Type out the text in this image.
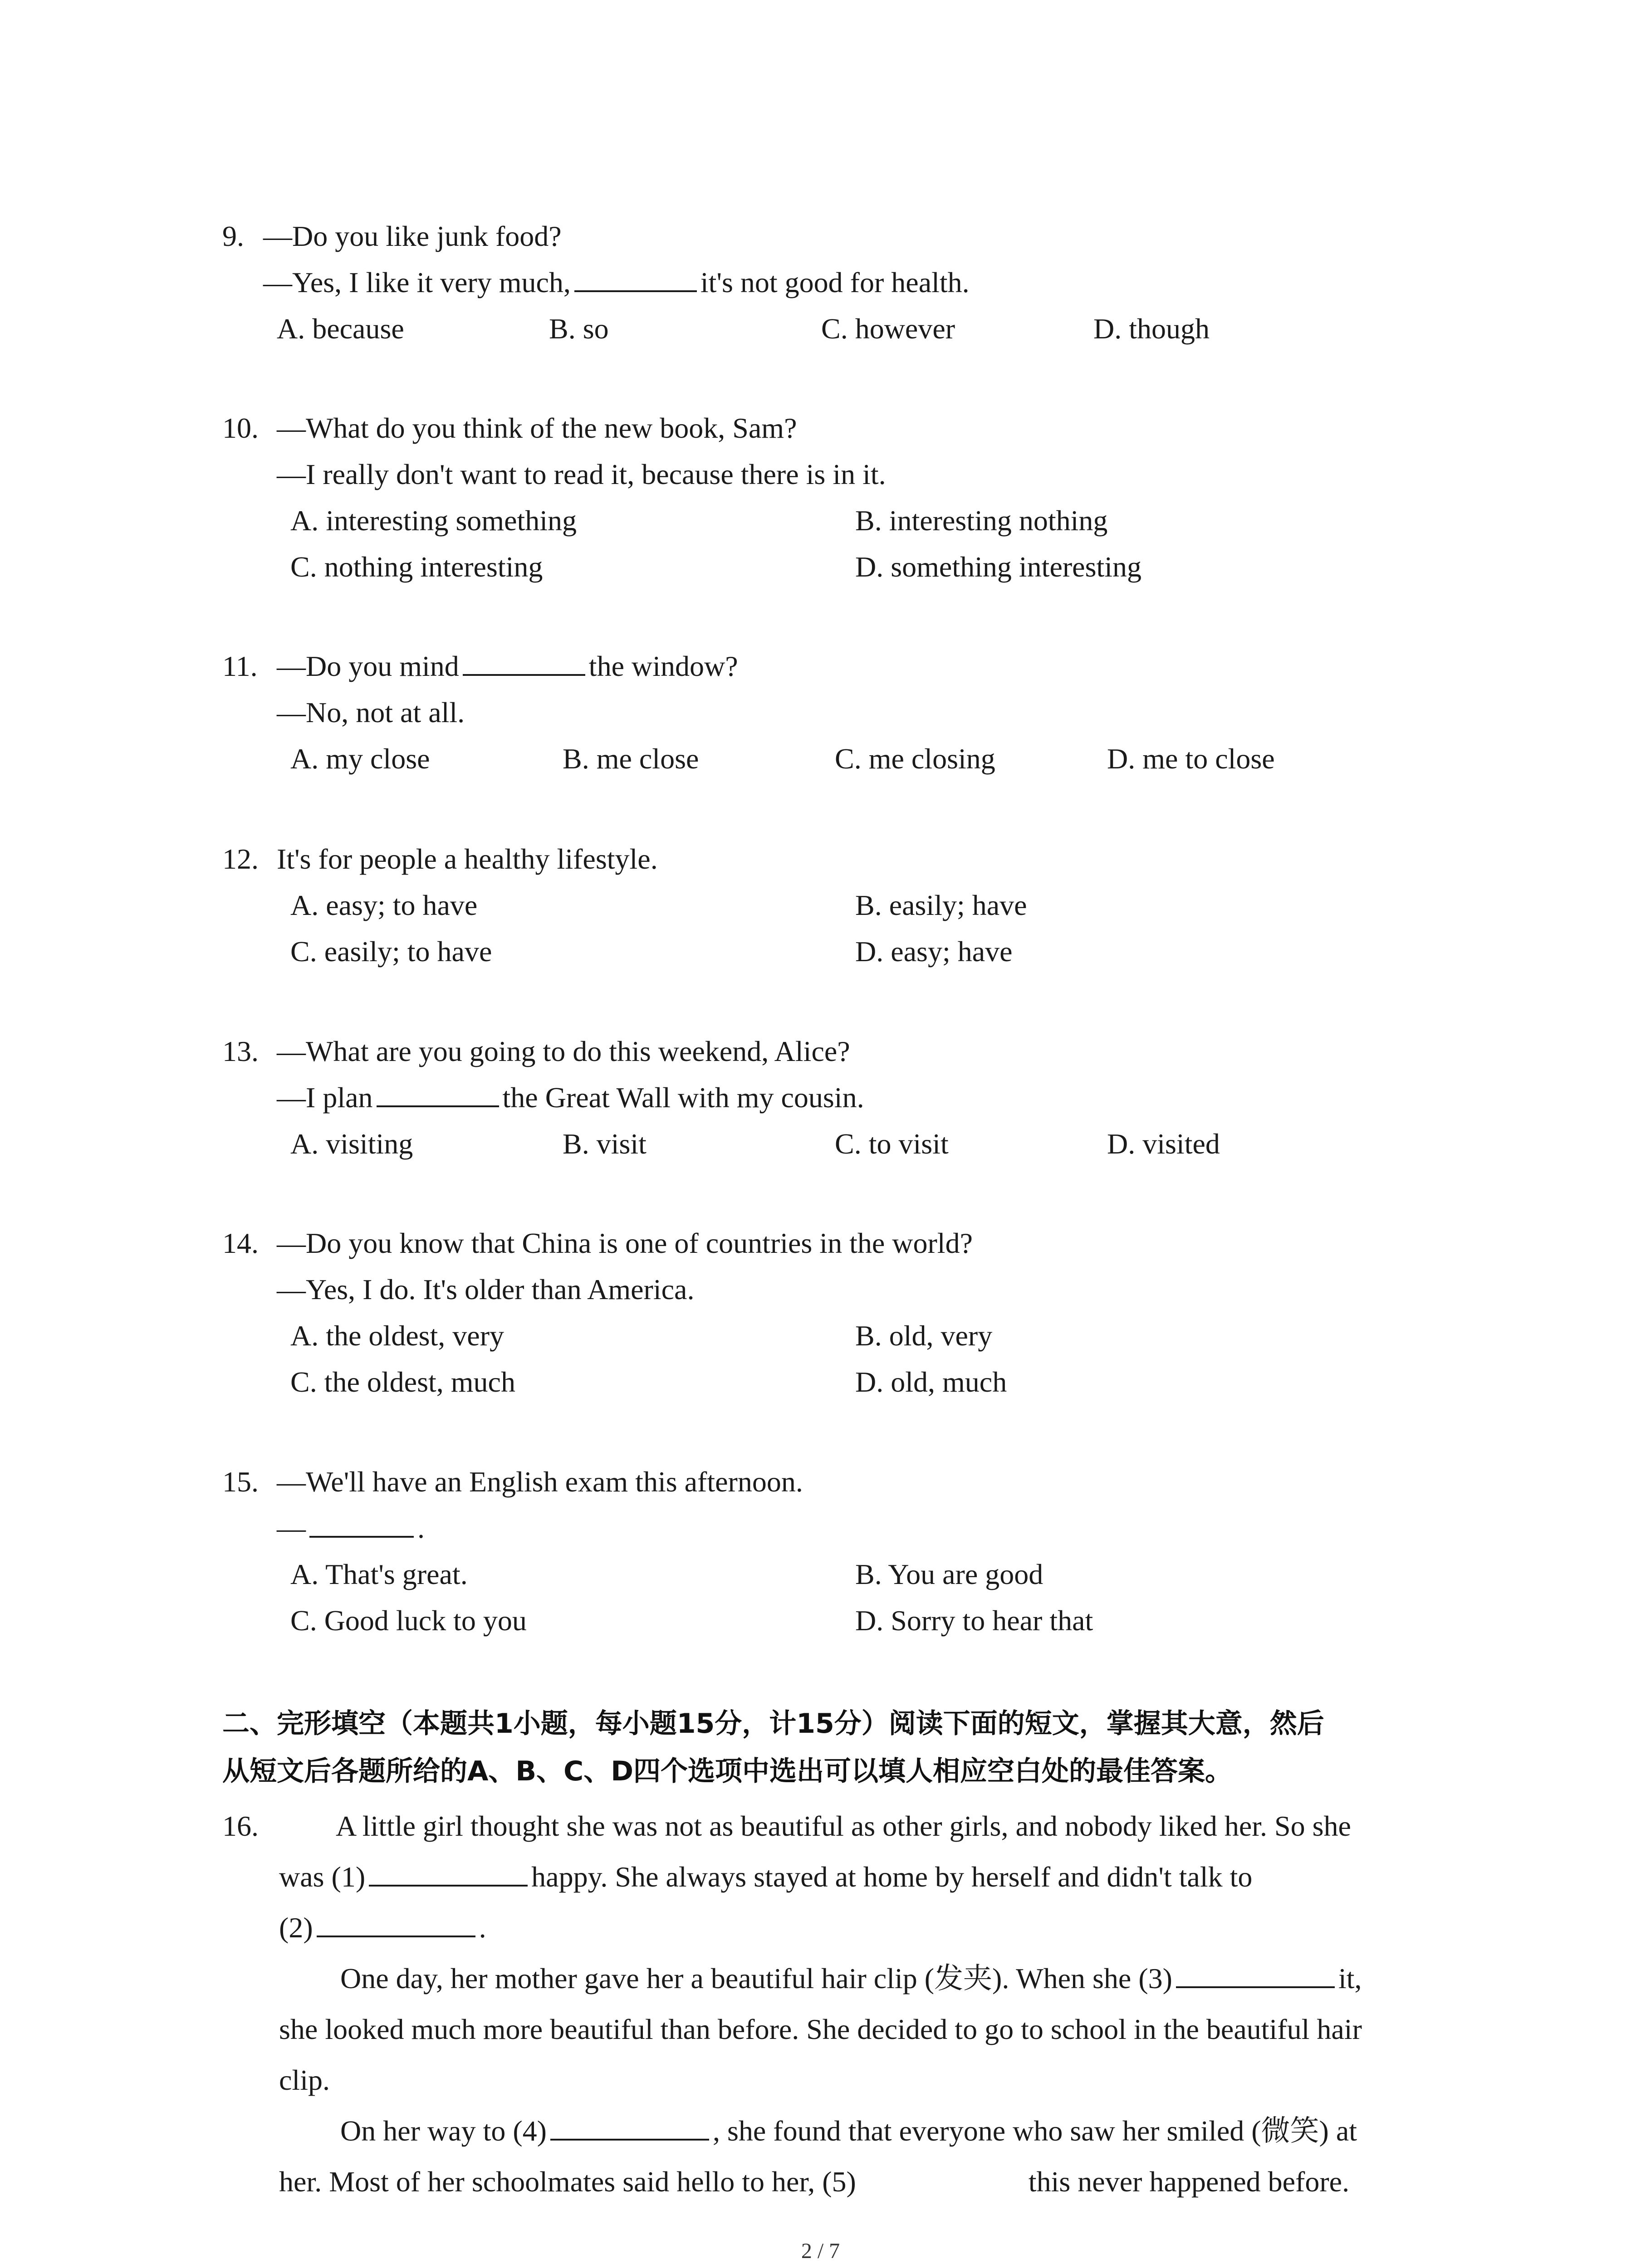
9. —Do you like junk food?
—Yes, I like it very much,	it's not good for health.
A. because	B. so	C. however	D. though
10. —What do you think of the new book, Sam?
—I really don't want to read it, because there is in it.
A. interesting something	B. interesting nothing
C. nothing interesting	D. something interesting
11. —Do you mind	the window?
—No, not at all.
A. my close	B. me close	C. me closing	D. me to close
12. It's for people a healthy lifestyle.
A. easy; to have	B. easily; have
C. easily; to have	D. easy; have
13. —What are you going to do this weekend, Alice?
—I plan	the Great Wall with my cousin.
A. visiting	B. visit	C. to visit	D. visited
14. —Do you know that China is one of countries in the world?
—Yes, I do. It's older than America.
A. the oldest, very	B. old, very
C. the oldest, much	D. old, much
15. —We'll have an English exam this afternoon.
—	.
A. That's great.	B. You are good
C. Good luck to you	D. Sorry to hear that
二、完形填空（本题共1小题，每小题15分，计15分）阅读下面的短文，掌握其大意，然后
从短文后各题所给的A、B、C、D四个选项中选出可以填人相应空白处的最佳答案。
16.	A little girl thought she was not as beautiful as other girls, and nobody liked her. So she
was (1)	happy. She always stayed at home by herself and didn't talk to
(2)	.
One day, her mother gave her a beautiful hair clip (发夹). When she (3)	it,
she looked much more beautiful than before. She decided to go to school in the beautiful hair
clip.
On her way to (4)	, she found that everyone who saw her smiled (微笑) at
her. Most of her schoolmates said hello to her, (5)	this never happened before.
2 / 7
